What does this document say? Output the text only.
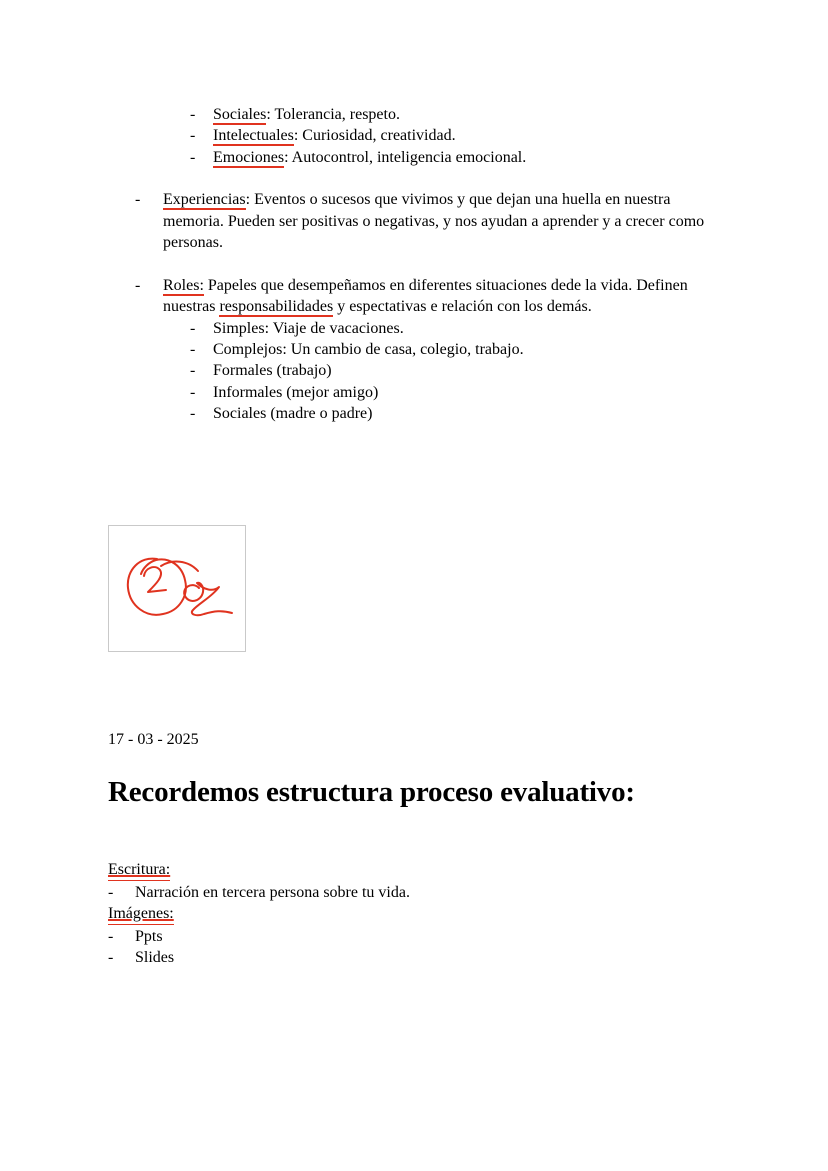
-	Sociales: Tolerancia, respeto.
-	Intelectuales: Curiosidad, creatividad.
-	Emociones: Autocontrol, inteligencia emocional.
-	Experiencias: Eventos o sucesos que vivimos y que dejan una huella en nuestra memoria. Pueden ser positivas o negativas, y nos ayudan a aprender y a crecer como personas.
-	Roles: Papeles que desempeñamos en diferentes situaciones dede la vida. Definen nuestras responsabilidades y espectativas e relación con los demás.
-	Simples: Viaje de vacaciones.
-	Complejos: Un cambio de casa, colegio, trabajo.
-	Formales (trabajo)
-	Informales (mejor amigo)
-	Sociales (madre o padre)
17 - 03 - 2025
Recordemos estructura proceso evaluativo:
Escritura:
-	Narración en tercera persona sobre tu vida.
Imágenes:
-	Ppts
-	Slides
